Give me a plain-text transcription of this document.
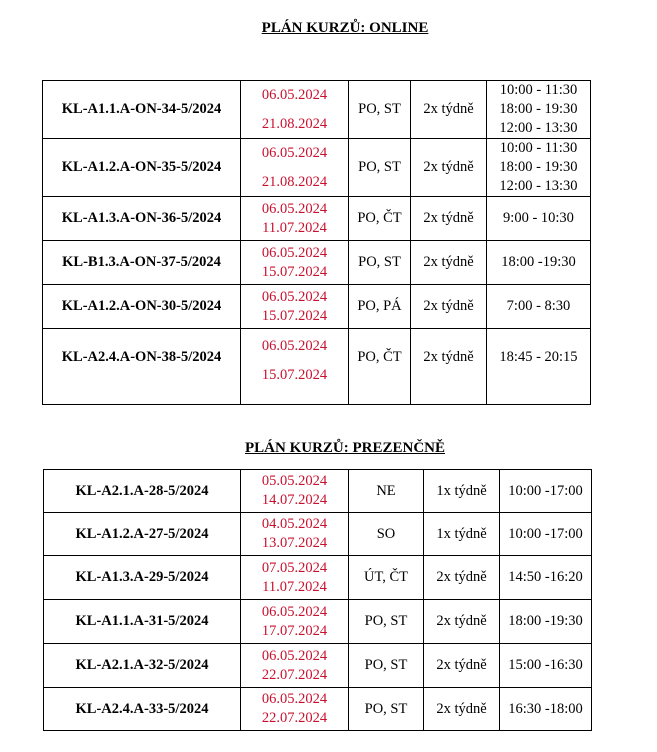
PLÁN KURZŮ: ONLINE
KL-A1.1.A-ON-34-5/2024	06.05.2024
21.08.2024	PO, ST	2x týdně	10:00 - 11:30
18:00 - 19:30
12:00 - 13:30

KL-A1.2.A-ON-35-5/2024	06.05.2024
21.08.2024	PO, ST	2x týdně	10:00 - 11:30
18:00 - 19:30
12:00 - 13:30

KL-A1.3.A-ON-36-5/2024	06.05.2024
11.07.2024	PO, ČT	2x týdně	9:00 - 10:30

KL-B1.3.A-ON-37-5/2024	06.05.2024
15.07.2024	PO, ST	2x týdně	18:00 -19:30

KL-A1.2.A-ON-30-5/2024	06.05.2024
15.07.2024	PO, PÁ	2x týdně	7:00 - 8:30

KL-A2.4.A-ON-38-5/2024	06.05.2024
15.07.2024	PO, ČT	2x týdně	18:45 - 20:15
PLÁN KURZŮ: PREZENČNĚ
KL-A2.1.A-28-5/2024	05.05.2024
14.07.2024	NE	1x týdně	10:00 -17:00
KL-A1.2.A-27-5/2024	04.05.2024
13.07.2024	SO	1x týdně	10:00 -17:00
KL-A1.3.A-29-5/2024	07.05.2024
11.07.2024	ÚT, ČT	2x týdně	14:50 -16:20
KL-A1.1.A-31-5/2024	06.05.2024
17.07.2024	PO, ST	2x týdně	18:00 -19:30
KL-A2.1.A-32-5/2024	06.05.2024
22.07.2024	PO, ST	2x týdně	15:00 -16:30
KL-A2.4.A-33-5/2024	06.05.2024
22.07.2024	PO, ST	2x týdně	16:30 -18:00
